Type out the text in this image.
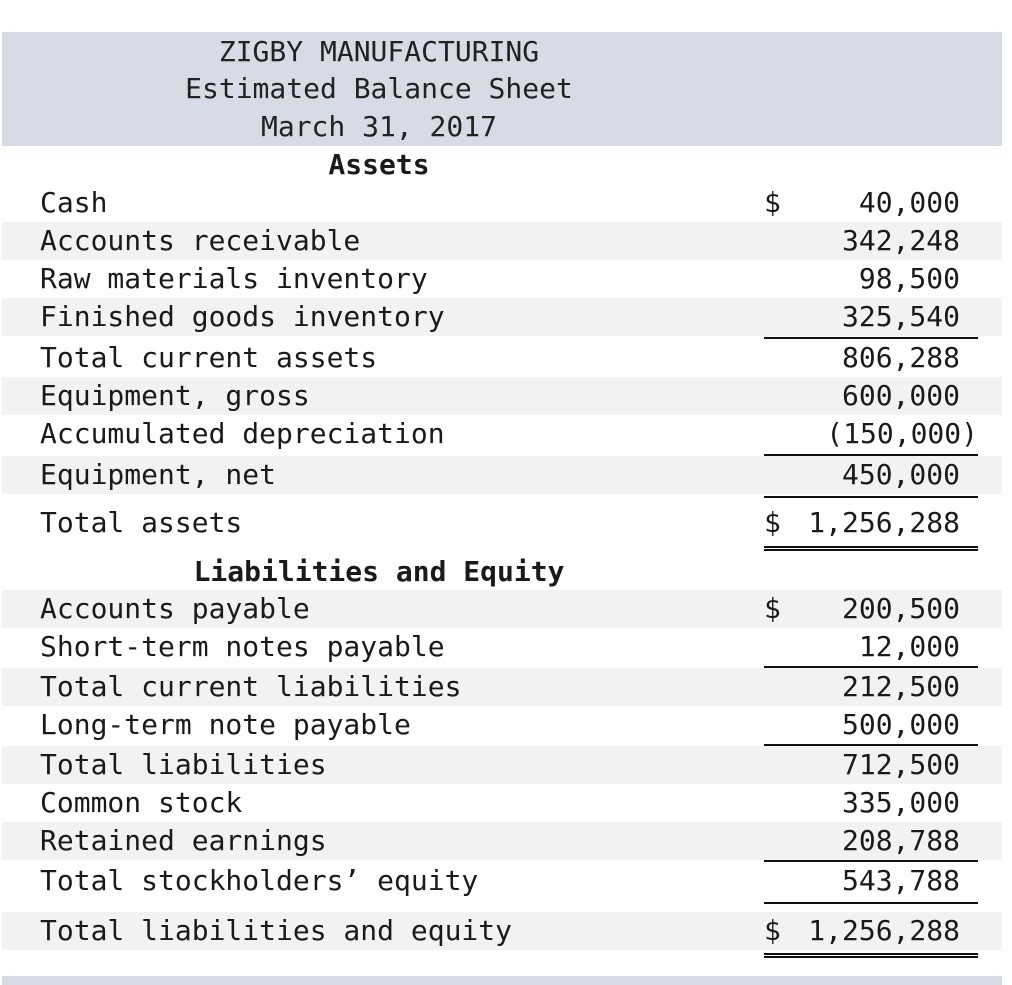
ZIGBY MANUFACTURING
Estimated Balance Sheet
March 31, 2017
Assets
Cash	$	40,000
Accounts receivable	342,248
Raw materials inventory	98,500
Finished goods inventory	325,540
Total current assets	806,288
Equipment, gross	600,000
Accumulated depreciation	(150,000)
Equipment, net	450,000
Total assets	$ 1,256,288
Liabilities and Equity
Accounts payable	$ 200,500
Short-term notes payable	12,000
Total current liabilities	212,500
Long-term note payable	500,000
Total liabilities	712,500
Common stock	335,000
Retained earnings	208,788
Total stockholders’ equity	543,788
Total liabilities and equity	$ 1,256,288
